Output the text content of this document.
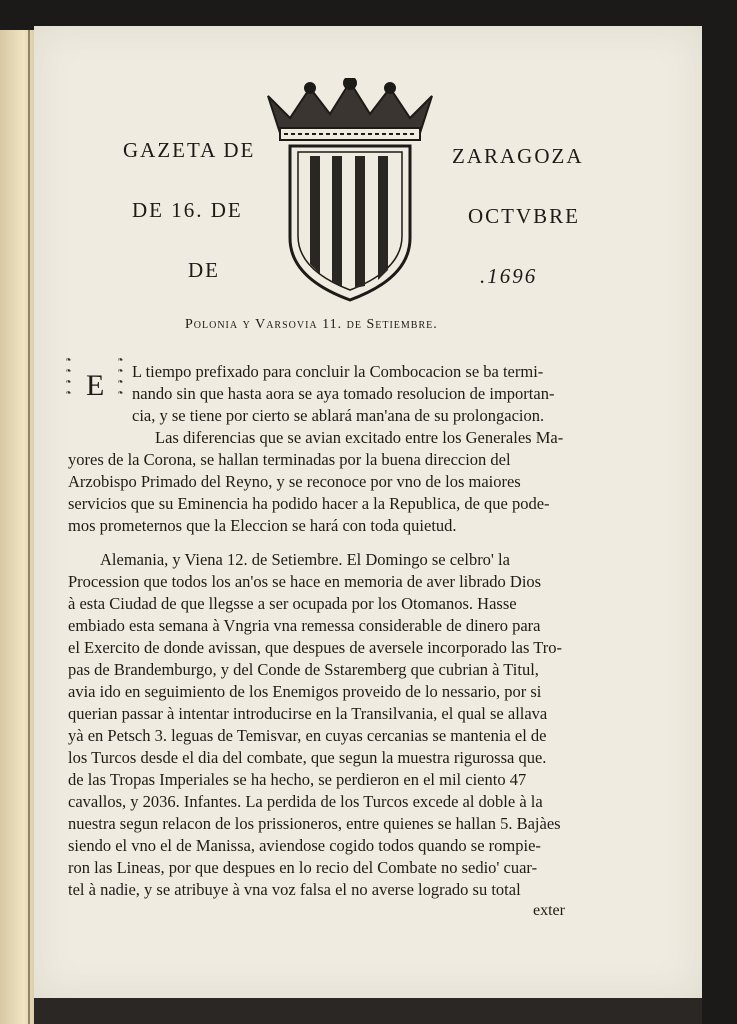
GAZETA DE
DE 16. DE
DE
ZARAGOZA
OCTVBRE
.1696
Polonia y Varsovia 11. de Setiembre.
❧
❧
❧
❧
❧
❧
❧
❧
E L tiempo prefixado para concluir la Combocacion se ba termi-
nando sin que hasta aora se aya tomado resolucion de importan-
cia, y se tiene por cierto se ablará man'ana de su prolongacion.
Las diferencias que se avian excitado entre los Generales Ma-
yores de la Corona, se hallan terminadas por la buena direccion del
Arzobispo Primado del Reyno, y se reconoce por vno de los maiores
servicios que su Eminencia ha podido hacer a la Republica, de que pode-
mos prometernos que la Eleccion se hará con toda quietud.
Alemania, y Viena 12. de Setiembre. El Domingo se celbro' la
Procession que todos los an'os se hace en memoria de aver librado Dios
à esta Ciudad de que llegsse a ser ocupada por los Otomanos. Hasse
embiado esta semana à Vngria vna remessa considerable de dinero para
el Exercito de donde avissan, que despues de aversele incorporado las Tro-
pas de Brandemburgo, y del Conde de Sstaremberg que cubrian à Titul,
avia ido en seguimiento de los Enemigos proveido de lo nessario, por si
querian passar à intentar introducirse en la Transilvania, el qual se allava
yà en Petsch 3. leguas de Temisvar, en cuyas cercanias se mantenia el de
los Turcos desde el dia del combate, que segun la muestra rigurossa que.
de las Tropas Imperiales se ha hecho, se perdieron en el mil ciento 47
cavallos, y 2036. Infantes. La perdida de los Turcos excede al doble à la
nuestra segun relacon de los prissioneros, entre quienes se hallan 5. Bajàes
siendo el vno el de Manissa, aviendose cogido todos quando se rompie-
ron las Lineas, por que despues en lo recio del Combate no sedio' cuar-
tel à nadie, y se atribuye à vna voz falsa el no averse logrado su total
exter
